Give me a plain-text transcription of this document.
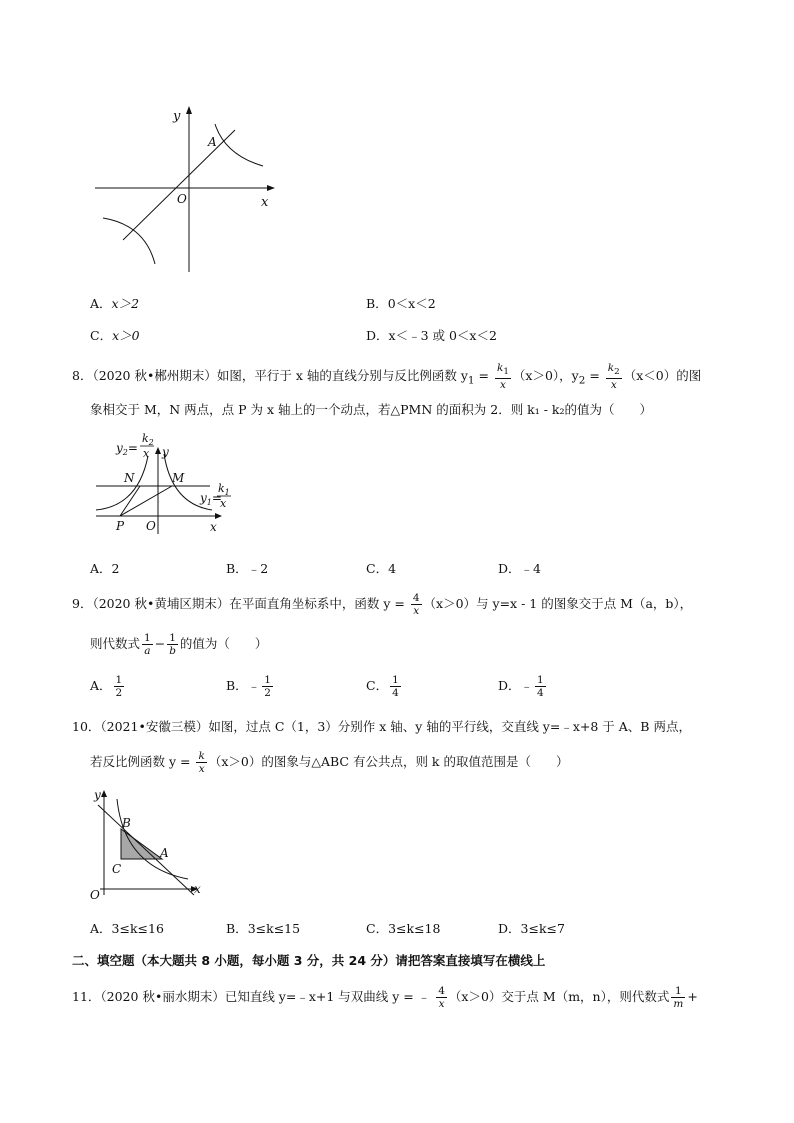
y
A
O	x
A．x＞2	B．0＜x＜2
C．x＞0	D．x＜﹣3 或 0＜x＜2
8．（2020 秋•郴州期末）如图，平行于 x 轴的直线分别与反比例函数 $y_1 = \frac{k_1}{x} (x>0)$，$y_2 = \frac{k_2}{x} (x<0)$的图
象相交于 M，N 两点，点 P 为 x 轴上的一个动点，若△PMN 的面积为 2．则 k₁ - k₂的值为（　　）
$y_2=$
$k_2$
x y
N	M
$y_1=$
$k_1$
x
P O	x
A．2	B．﹣2	C．4	D．﹣4
9．（2020 秋•黄埔区期末）在平面直角坐标系中，函数 $y = \frac{4}{x} (x>0)$与 y=x - 1 的图象交于点 M（a，b），
则代数式 $\frac{1}{a} - \frac{1}{b}$ 的值为（　　）
A． $\frac{1}{2}$	B．﹣ $\frac{1}{2}$	C． $\frac{1}{4}$	D．﹣ $\frac{1}{4}$
10．（2021•安徽三模）如图，过点 C（1，3）分别作 x 轴、y 轴的平行线，交直线 y=﹣x+8 于 A、B 两点，
若反比例函数 $y = \frac{k}{x} (x>0)$的图象与△ABC 有公共点，则 k 的取值范围是（　　）
y
B
A
C
O	x
A．3≤k≤16	B．3≤k≤15	C．3≤k≤18	D．3≤k≤7
二、填空题（本大题共 8 小题，每小题 3 分，共 24 分）请把答案直接填写在横线上
11．（2020 秋•丽水期末）已知直线 y=﹣x+1 与双曲线 y = ﹣ $\frac{4}{x} (x>0)$交于点 M（m，n），则代数式 $\frac{1}{m}$ +
